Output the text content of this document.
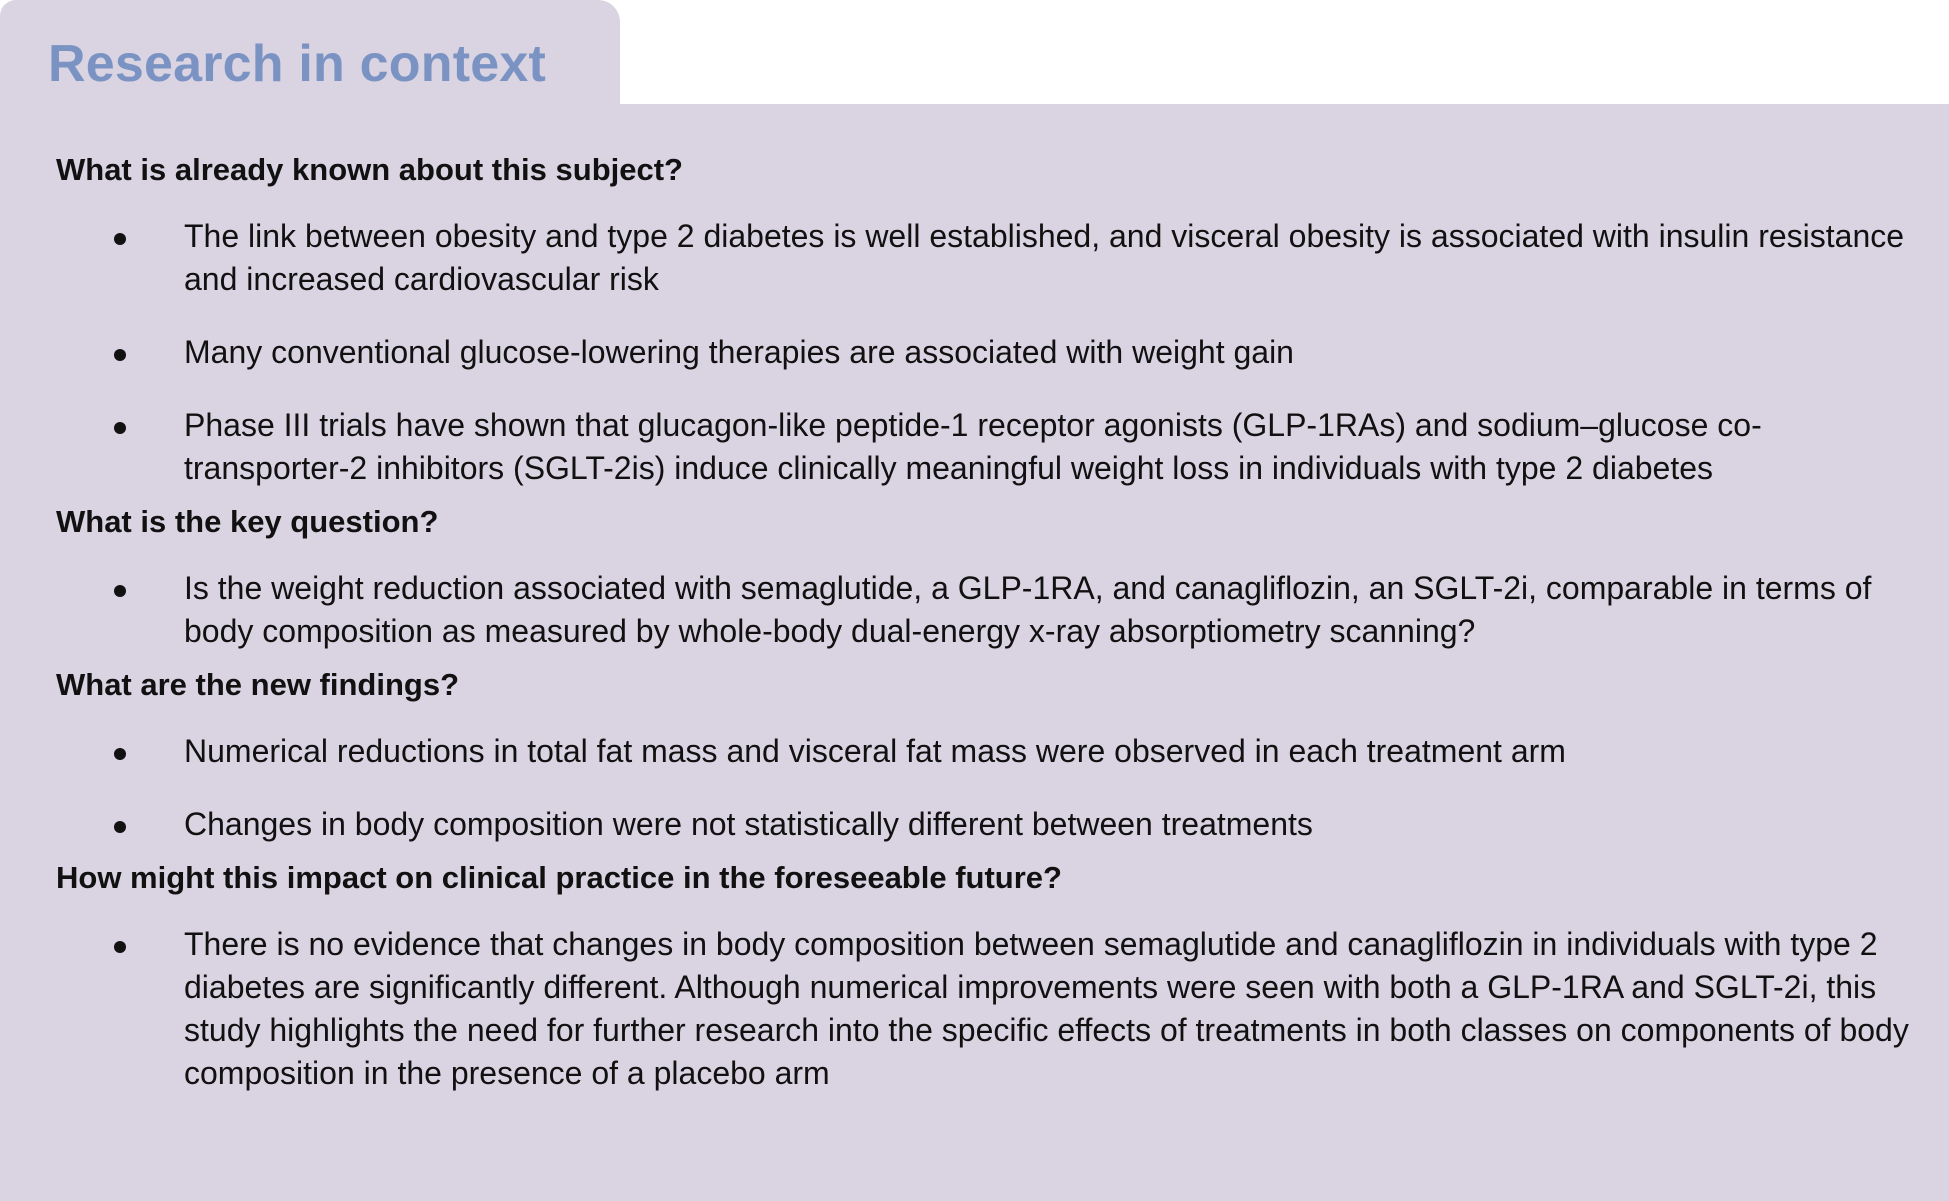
Research in context
What is already known about this subject?
The link between obesity and type 2 diabetes is well established, and visceral obesity is associated with insulin resistance and increased cardiovascular risk
Many conventional glucose-lowering therapies are associated with weight gain
Phase III trials have shown that glucagon-like peptide-1 receptor agonists (GLP-1RAs) and sodium–glucose co-transporter-2 inhibitors (SGLT-2is) induce clinically meaningful weight loss in individuals with type 2 diabetes
What is the key question?
Is the weight reduction associated with semaglutide, a GLP-1RA, and canagliflozin, an SGLT-2i, comparable in terms of body composition as measured by whole-body dual-energy x-ray absorptiometry scanning?
What are the new findings?
Numerical reductions in total fat mass and visceral fat mass were observed in each treatment arm
Changes in body composition were not statistically different between treatments
How might this impact on clinical practice in the foreseeable future?
There is no evidence that changes in body composition between semaglutide and canagliflozin in individuals with type 2 diabetes are significantly different. Although numerical improvements were seen with both a GLP-1RA and SGLT-2i, this study highlights the need for further research into the specific effects of treatments in both classes on components of body composition in the presence of a placebo arm
